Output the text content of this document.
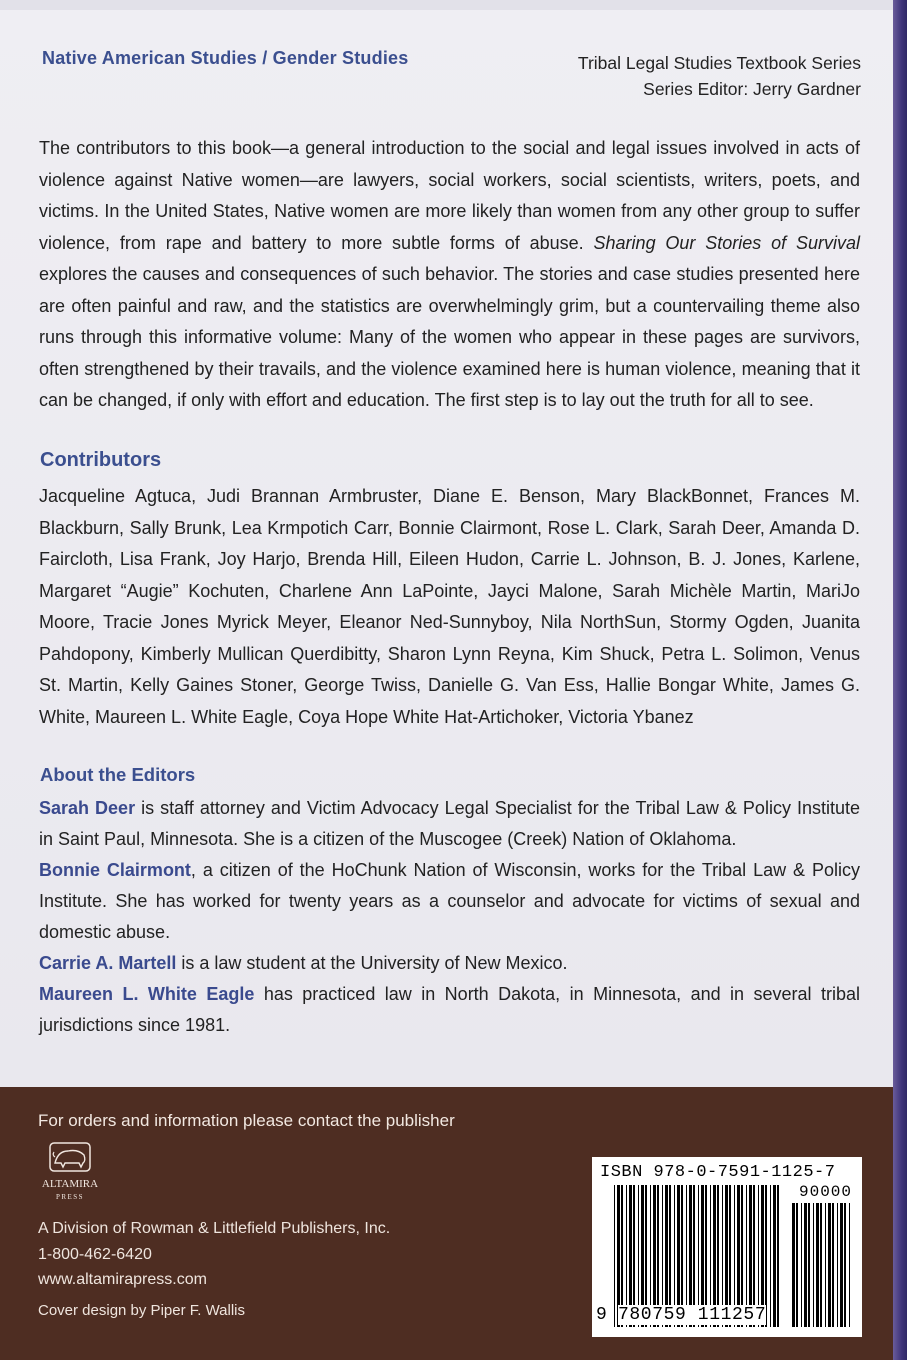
Native American Studies / Gender Studies	Tribal Legal Studies Textbook Series
Series Editor: Jerry Gardner
The contributors to this book—a general introduction to the social and legal issues involved in acts of violence against Native women—are lawyers, social workers, social scientists, writers, poets, and victims. In the United States, Native women are more likely than women from any other group to suffer violence, from rape and battery to more subtle forms of abuse. Sharing Our Stories of Survival explores the causes and consequences of such behavior. The stories and case studies presented here are often painful and raw, and the statistics are overwhelmingly grim, but a countervailing theme also runs through this informative volume: Many of the women who appear in these pages are survivors, often strengthened by their travails, and the violence examined here is human violence, meaning that it can be changed, if only with effort and education. The first step is to lay out the truth for all to see.
Contributors
Jacqueline Agtuca, Judi Brannan Armbruster, Diane E. Benson, Mary BlackBonnet, Frances M. Blackburn, Sally Brunk, Lea Krmpotich Carr, Bonnie Clairmont, Rose L. Clark, Sarah Deer, Amanda D. Faircloth, Lisa Frank, Joy Harjo, Brenda Hill, Eileen Hudon, Carrie L. Johnson, B. J. Jones, Karlene, Margaret “Augie” Kochuten, Charlene Ann LaPointe, Jayci Malone, Sarah Michèle Martin, MariJo Moore, Tracie Jones Myrick Meyer, Eleanor Ned-Sunnyboy, Nila NorthSun, Stormy Ogden, Juanita Pahdopony, Kimberly Mullican Querdibitty, Sharon Lynn Reyna, Kim Shuck, Petra L. Solimon, Venus St. Martin, Kelly Gaines Stoner, George Twiss, Danielle G. Van Ess, Hallie Bongar White, James G. White, Maureen L. White Eagle, Coya Hope White Hat-Artichoker, Victoria Ybanez
About the Editors
Sarah Deer is staff attorney and Victim Advocacy Legal Specialist for the Tribal Law & Policy Institute in Saint Paul, Minnesota. She is a citizen of the Muscogee (Creek) Nation of Oklahoma.
Bonnie Clairmont, a citizen of the HoChunk Nation of Wisconsin, works for the Tribal Law & Policy Institute. She has worked for twenty years as a counselor and advocate for victims of sexual and domestic abuse.
Carrie A. Martell is a law student at the University of New Mexico.
Maureen L. White Eagle has practiced law in North Dakota, in Minnesota, and in several tribal jurisdictions since 1981.
For orders and information please contact the publisher
ALTAMIRA
PRESS
A Division of Rowman & Littlefield Publishers, Inc.
1-800-462-6420
www.altamirapress.com
Cover design by Piper F. Wallis
ISBN 978-0-7591-1125-7
90000
9 780759 111257
